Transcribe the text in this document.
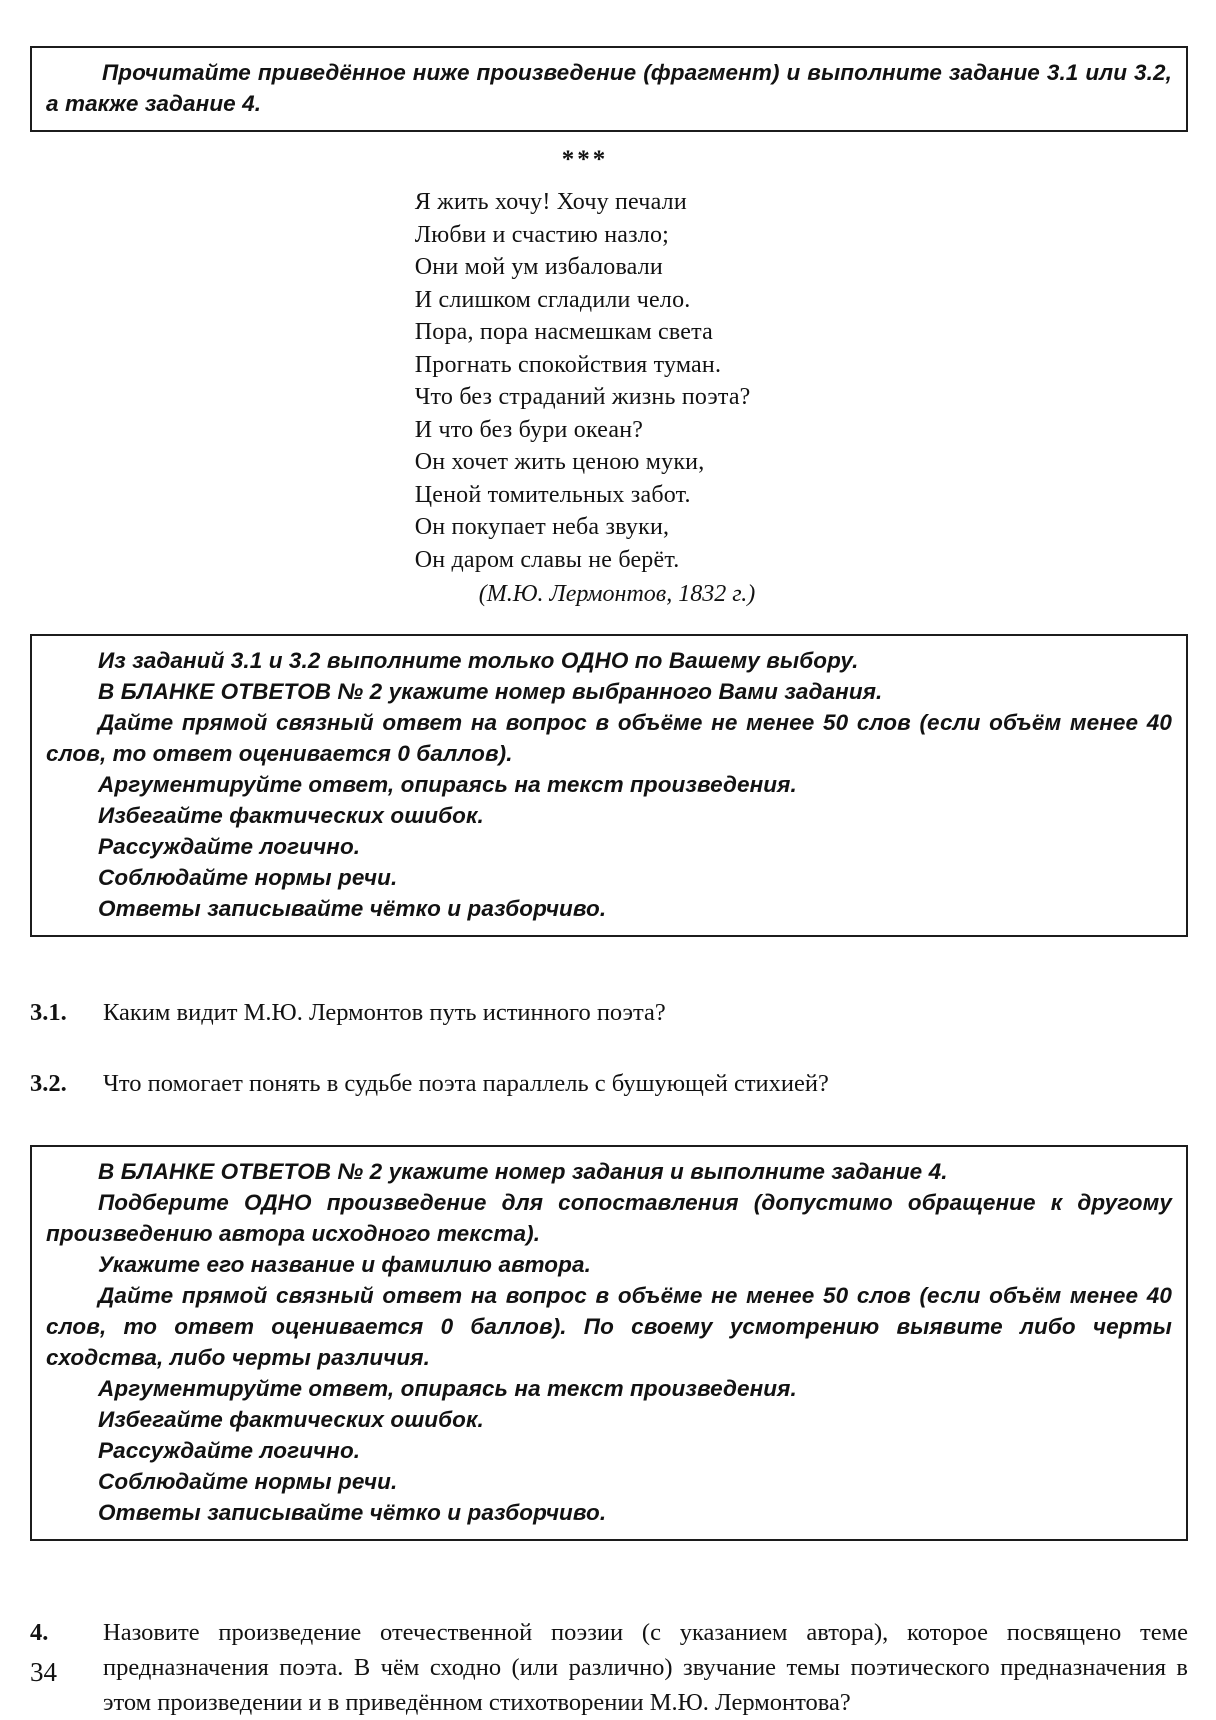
Прочитайте приведённое ниже произведение (фрагмент) и выполните задание 3.1 или 3.2, а также задание 4.

***
Я жить хочу! Хочу печали
Любви и счастию назло;
Они мой ум избаловали
И слишком сгладили чело.
Пора, пора насмешкам света
Прогнать спокойствия туман.
Что без страданий жизнь поэта?
И что без бури океан?
Он хочет жить ценою муки,
Ценой томительных забот.
Он покупает неба звуки,
Он даром славы не берёт.
(М.Ю. Лермонтов, 1832 г.)

Из заданий 3.1 и 3.2 выполните только ОДНО по Вашему выбору.

В БЛАНКЕ ОТВЕТОВ № 2 укажите номер выбранного Вами задания.

Дайте прямой связный ответ на вопрос в объёме не менее 50 слов (если объём менее 40 слов, то ответ оценивается 0 баллов).

Аргументируйте ответ, опираясь на текст произведения.

Избегайте фактических ошибок.

Рассуждайте логично.

Соблюдайте нормы речи.

Ответы записывайте чётко и разборчиво.

3.1.	Каким видит М.Ю. Лермонтов путь истинного поэта?
3.2.	Что помогает понять в судьбе поэта параллель с бушующей стихией?

В БЛАНКЕ ОТВЕТОВ № 2 укажите номер задания и выполните задание 4.

Подберите ОДНО произведение для сопоставления (допустимо обращение к другому произведению автора исходного текста).

Укажите его название и фамилию автора.

Дайте прямой связный ответ на вопрос в объёме не менее 50 слов (если объём менее 40 слов, то ответ оценивается 0 баллов). По своему усмотрению выявите либо черты сходства, либо черты различия.

Аргументируйте ответ, опираясь на текст произведения.

Избегайте фактических ошибок.

Рассуждайте логично.

Соблюдайте нормы речи.

Ответы записывайте чётко и разборчиво.

4.	Назовите произведение отечественной поэзии (с указанием автора), которое посвящено теме предназначения поэта. В чём сходно (или различно) звучание темы поэтического предназначения в этом произведении и в приведённом стихотворении М.Ю. Лермонтова?
34
